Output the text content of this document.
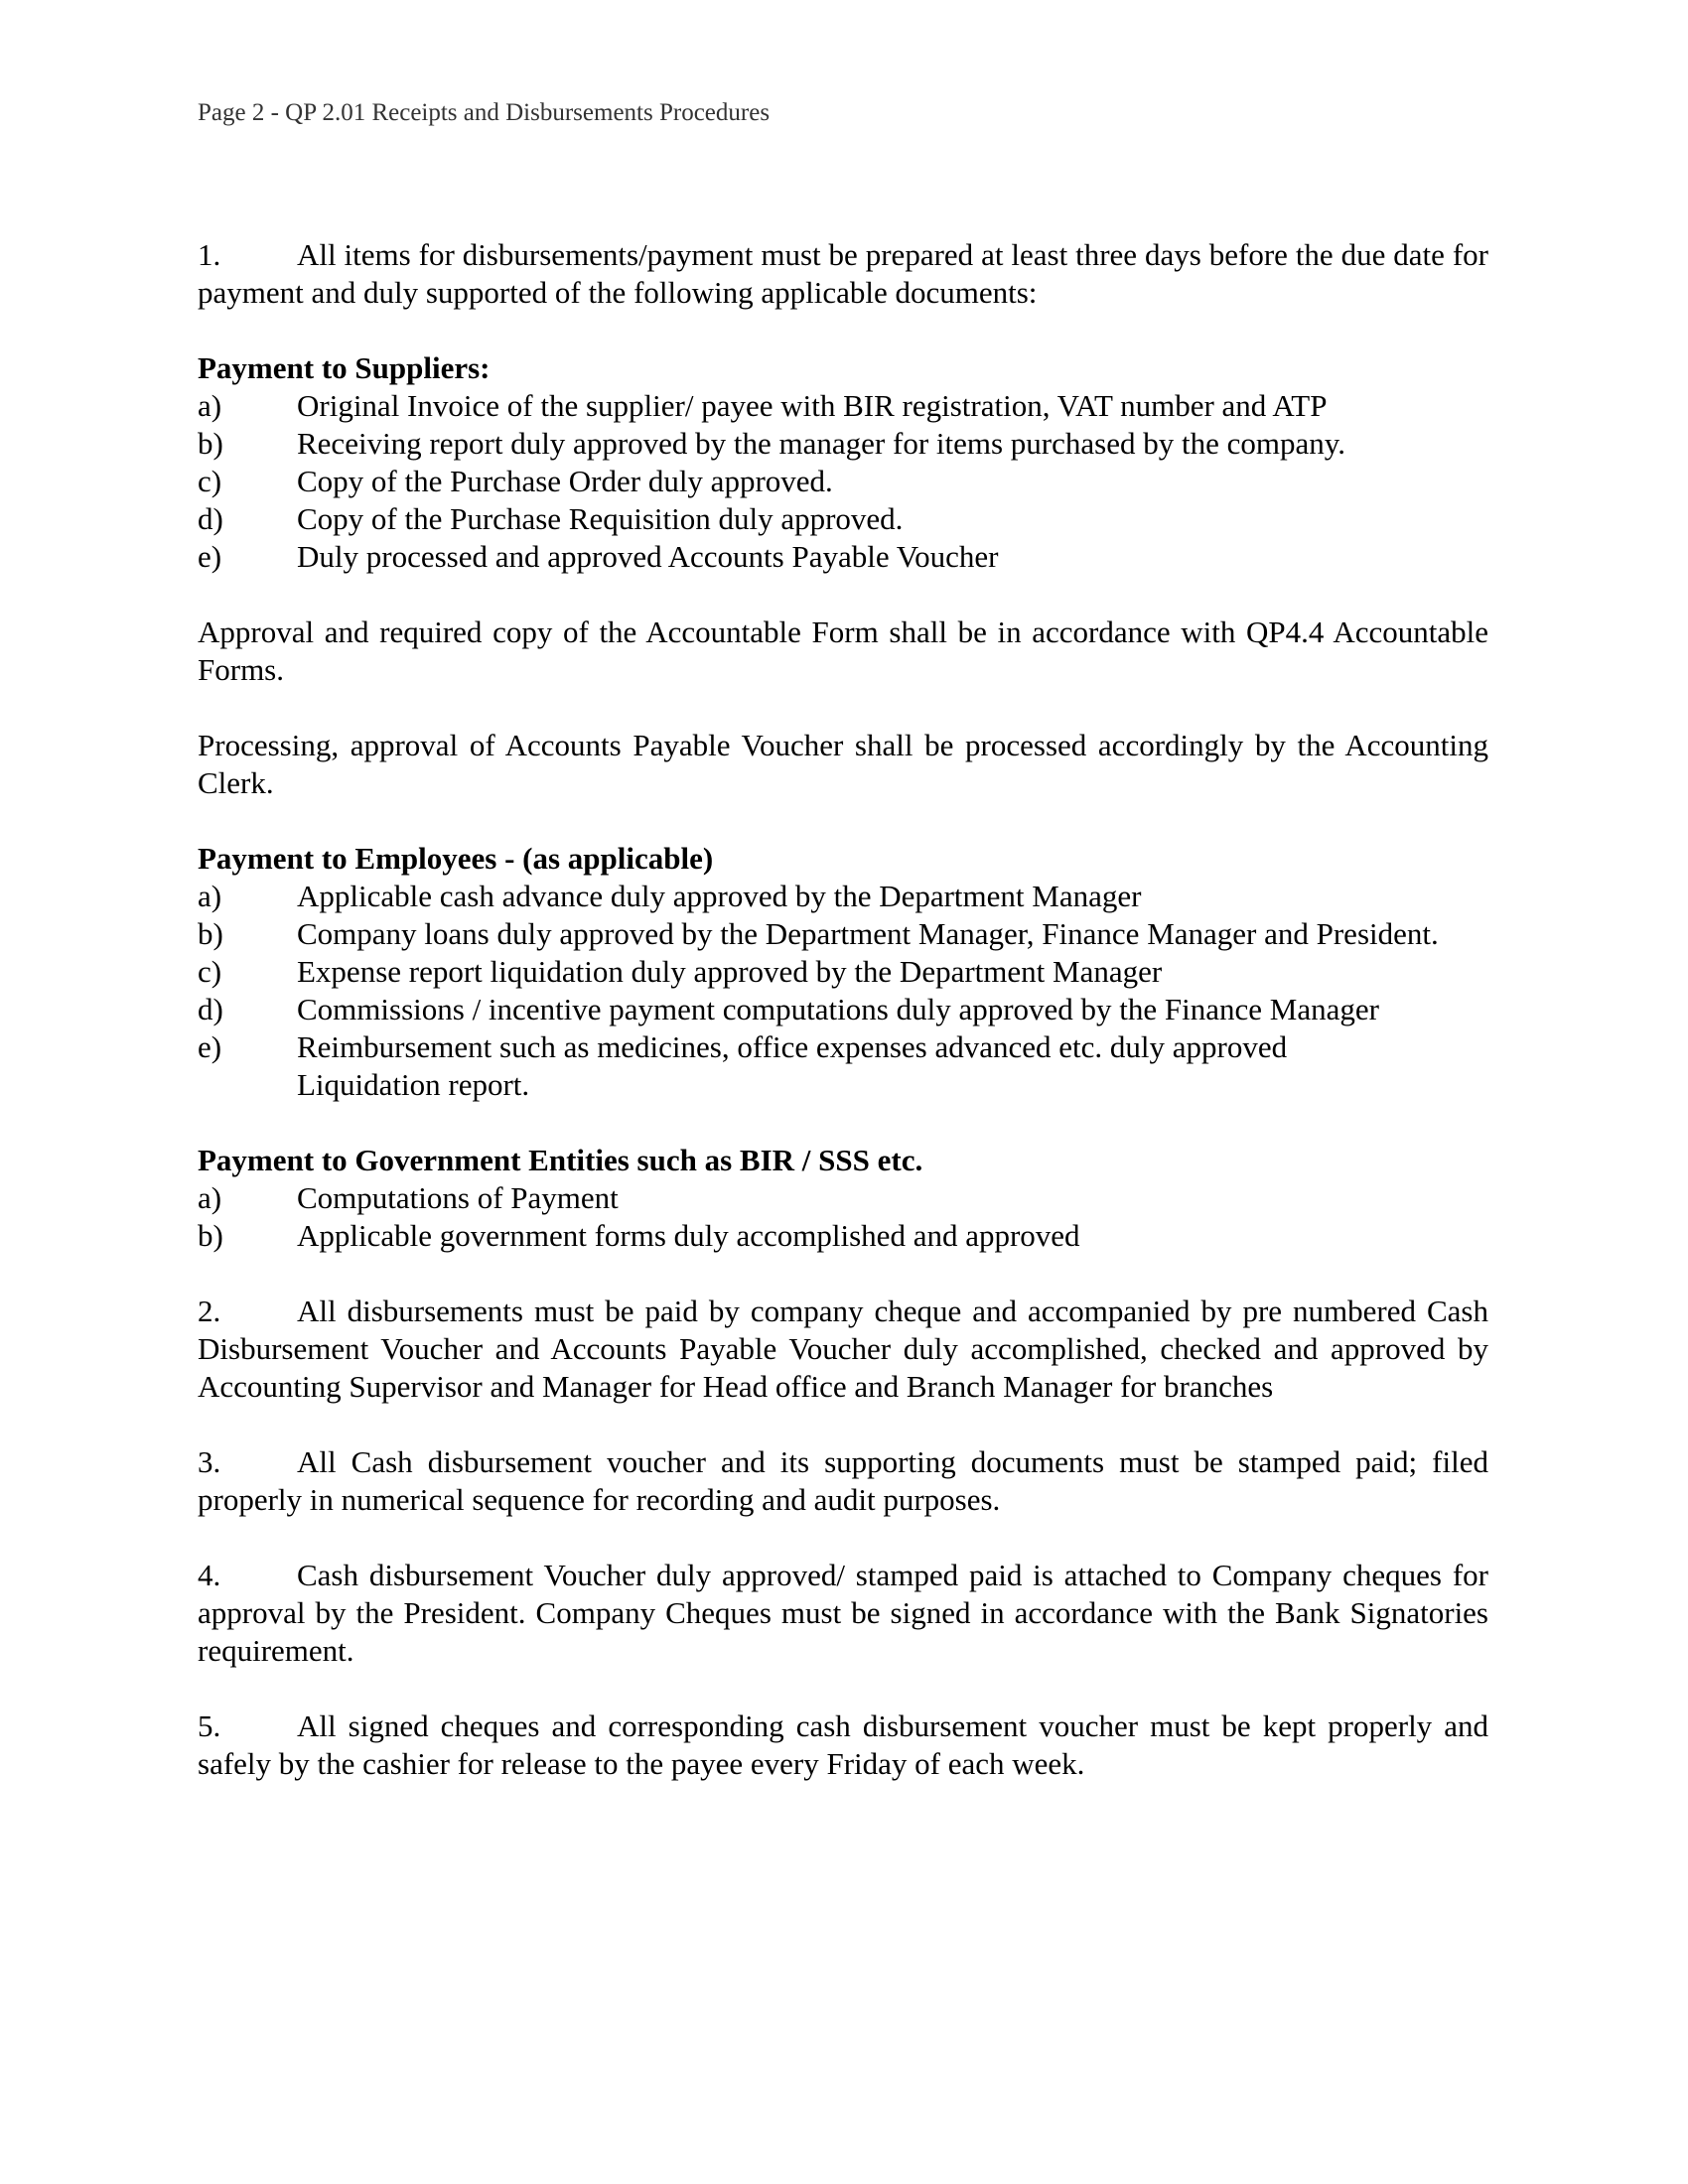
Page 2 - QP 2.01 Receipts and Disbursements Procedures

1. All items for disbursements/payment must be prepared at least three days before the due date for payment and duly supported of the following applicable documents:

Payment to Suppliers:

a)	Original Invoice of the supplier/ payee with BIR registration, VAT number and ATP
b)	Receiving report duly approved by the manager for items purchased by the company.
c)	Copy of the Purchase Order duly approved.
d)	Copy of the Purchase Requisition duly approved.
e)	Duly processed and approved Accounts Payable Voucher

Approval and required copy of the Accountable Form shall be in accordance with QP4.4 Accountable Forms.

Processing, approval of Accounts Payable Voucher shall be processed accordingly by the Accounting Clerk.

Payment to Employees - (as applicable)

a)	Applicable cash advance duly approved by the Department Manager
b) Company loans duly approved by the Department Manager, Finance Manager and President.
c)	Expense report liquidation duly approved by the Department Manager
d)	Commissions / incentive payment computations duly approved by the Finance Manager
e)	Reimbursement such as medicines, office expenses advanced etc. duly approved Liquidation report.

Payment to Government Entities such as BIR / SSS etc.

a)	Computations of Payment
b)	Applicable government forms duly accomplished and approved

2. All disbursements must be paid by company cheque and accompanied by pre numbered Cash Disbursement Voucher and Accounts Payable Voucher duly accomplished, checked and approved by Accounting Supervisor and Manager for Head office and Branch Manager for branches

3. All Cash disbursement voucher and its supporting documents must be stamped paid; filed properly in numerical sequence for recording and audit purposes.

4. Cash disbursement Voucher duly approved/ stamped paid is attached to Company cheques for approval by the President. Company Cheques must be signed in accordance with the Bank Signatories requirement.

5. All signed cheques and corresponding cash disbursement voucher must be kept properly and safely by the cashier for release to the payee every Friday of each week.
